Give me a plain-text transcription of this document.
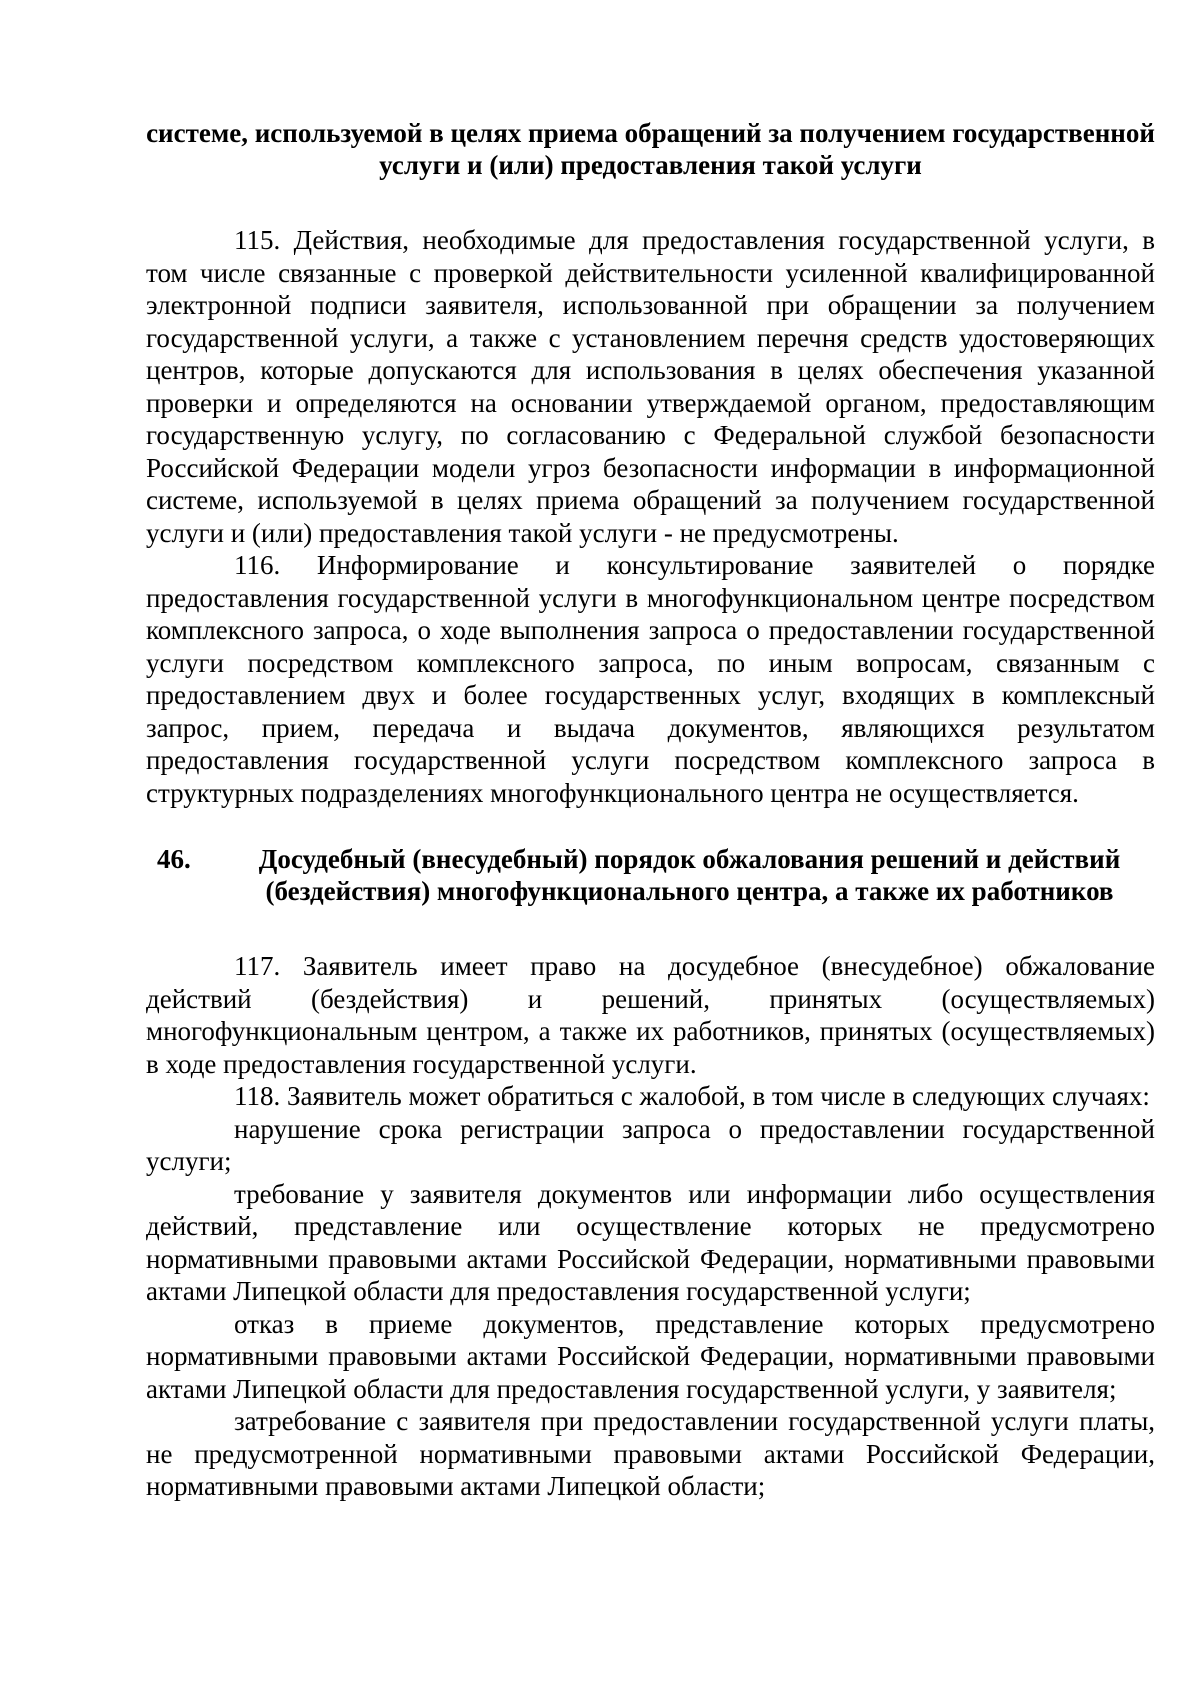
системе, используемой в целях приема обращений за получением государственной услуги и (или) предоставления такой услуги

115. Действия, необходимые для предоставления государственной услуги, в том числе связанные с проверкой действительности усиленной квалифицированной электронной подписи заявителя, использованной при обращении за получением государственной услуги, а также с установлением перечня средств удостоверяющих центров, которые допускаются для использования в целях обеспечения указанной проверки и определяются на основании утверждаемой органом, предоставляющим государственную услугу, по согласованию с Федеральной службой безопасности Российской Федерации модели угроз безопасности информации в информационной системе, используемой в целях приема обращений за получением государственной услуги и (или) предоставления такой услуги - не предусмотрены.

116. Информирование и консультирование заявителей о порядке предоставления государственной услуги в многофункциональном центре посредством комплексного запроса, о ходе выполнения запроса о предоставлении государственной услуги посредством комплексного запроса, по иным вопросам, связанным с предоставлением двух и более государственных услуг, входящих в комплексный запрос, прием, передача и выдача документов, являющихся результатом предоставления государственной услуги посредством комплексного запроса в структурных подразделениях многофункционального центра не осуществляется.

46.	Досудебный (внесудебный) порядок обжалования решений и действий (бездействия) многофункционального центра, а также их работников

117. Заявитель имеет право на досудебное (внесудебное) обжалование действий (бездействия) и решений, принятых (осуществляемых) многофункциональным центром, а также их работников, принятых (осуществляемых) в ходе предоставления государственной услуги.

118. Заявитель может обратиться с жалобой, в том числе в следующих случаях:

нарушение срока регистрации запроса о предоставлении государственной услуги;

требование у заявителя документов или информации либо осуществления действий, представление или осуществление которых не предусмотрено нормативными правовыми актами Российской Федерации, нормативными правовыми актами Липецкой области для предоставления государственной услуги;

отказ в приеме документов, представление которых предусмотрено нормативными правовыми актами Российской Федерации, нормативными правовыми актами Липецкой области для предоставления государственной услуги, у заявителя;

затребование с заявителя при предоставлении государственной услуги платы, не предусмотренной нормативными правовыми актами Российской Федерации, нормативными правовыми актами Липецкой области;
